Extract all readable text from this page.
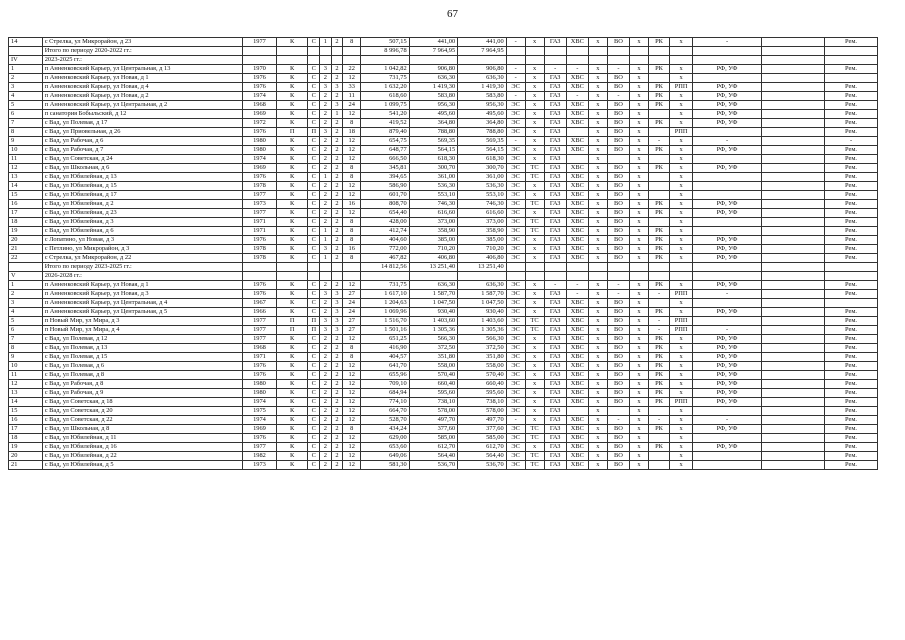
67
14	с Стрелка, ул Микрорайон, д 23	1977	К	С	1	2	8	507,15	441,00	441,00	-	х	ГАЗ	ХВС	х	ВО	х	РК	х	-		Рем.
	Итого по периоду 2020-2022 гг.:							8 996,78	7 964,95	7 964,95												
IV	2023-2025 гг.:																					
1	п Анненковский Карьер, ул Центральная, д 13	1970	К	С	3	2	22	1 042,82	906,80	906,80	-	х	-	-	х	-	х	РК	х	РФ, УФ		Рем.
2	п Анненковский Карьер, ул Новая, д 1	1976	К	С	2	2	12	731,75	636,30	636,30	-	х	ГАЗ	ХВС	х	ВО	х		х			
3	п Анненковский Карьер, ул Новая, д 4	1976	К	С	3	3	33	1 632,20	1 419,30	1 419,30	ЭС	х	ГАЗ	ХВС	х	ВО	х	РК	РПП	РФ, УФ		Рем.
4	п Анненковский Карьер, ул Новая, д 2	1974	К	С	2	2	11	618,60	583,80	583,80	-	х	ГАЗ	-	х	-	х	РК	х	РФ, УФ		Рем.
5	п Анненковский Карьер, ул Центральная, д 2	1968	К	С	2	3	24	1 099,75	956,30	956,30	ЭС	х	ГАЗ	ХВС	х	ВО	х	РК	х	РФ, УФ		Рем.
6	п санатория Бобыльский, д 12	1969	К	С	2	1	12	541,20	495,60	495,60	ЭС	х	ГАЗ	ХВС	х	ВО	х		х	РФ, УФ		Рем.
7	с Вад, ул Полевая, д 17	1972	К	С	2	2	8	419,52	364,80	364,80	ЭС	х	ГАЗ	ХВС	х	ВО	х	РК	х	РФ, УФ		Рем.
8	с Вад, ул Приовельная, д 26	1976	П	П	3	2	18	879,40	788,80	788,80	ЭС	х	ГАЗ		х	ВО	х		РПП			Рем.
9	с Вад, ул Рабочая, д 6	1980	К	С	2	2	12	654,75	569,35	569,35	-	х	ГАЗ	ХВС	х	ВО	х	-	х	-		-
10	с Вад, ул Рабочая, д 7	1980	К	С	2	2	12	648,77	564,15	564,15	ЭС	х	ГАЗ	ХВС	х	ВО	х	РК	х	РФ, УФ		Рем.
11	с Вад, ул Советская, д 24	1974	К	С	2	2	12	666,50	618,30	618,30	ЭС	х	ГАЗ		х		х		х			Рем.
12	с Вад, ул Школьная, д 6	1969	К	С	2	2	8	345,81	300,70	300,70	ЭС	ТС	ГАЗ	ХВС	х	ВО	х	РК	х	РФ, УФ		Рем.
13	с Вад, ул Юбилейная, д 13	1976	К	С	1	2	8	394,65	361,00	361,00	ЭС	ТС	ГАЗ	ХВС	х	ВО	х		х			Рем.
14	с Вад, ул Юбилейная, д 15	1978	К	С	2	2	12	586,90	536,30	536,30	ЭС	х	ГАЗ	ХВС	х	ВО	х		х			Рем.
15	с Вад, ул Юбилейная, д 17	1977	К	С	2	2	12	601,70	553,10	553,10	ЭС	х	ГАЗ	ХВС	х	ВО	х		х			Рем.
16	с Вад, ул Юбилейная, д 2	1973	К	С	2	2	16	808,70	746,30	746,30	ЭС	ТС	ГАЗ	ХВС	х	ВО	х	РК	х	РФ, УФ		Рем.
17	с Вад, ул Юбилейная, д 23	1977	К	С	2	2	12	654,40	616,60	616,60	ЭС	х	ГАЗ	ХВС	х	ВО	х	РК	х	РФ, УФ		Рем.
18	с Вад, ул Юбилейная, д 3	1971	К	С	2	2	8	428,00	373,00	373,00	ЭС	ТС	ГАЗ	ХВС	х	ВО	х		х			Рем.
19	с Вад, ул Юбилейная, д 6	1971	К	С	1	2	8	412,74	358,90	358,90	ЭС	ТС	ГАЗ	ХВС	х	ВО	х	РК	х			Рем.
20	с Лопатино, ул Новая, д 3	1976	К	С	1	2	8	404,60	385,00	385,00	ЭС	х	ГАЗ	ХВС	х	ВО	х	РК	х	РФ, УФ		Рем.
21	с Петлино, ул Микрорайон, д 3	1978	К	С	3	2	16	772,00	710,20	710,20	ЭС	х	ГАЗ	ХВС	х	ВО	х	РК	х	РФ, УФ		Рем.
22	с Стрелка, ул Микрорайон, д 22	1978	К	С	1	2	8	467,82	406,80	406,80	ЭС	х	ГАЗ	ХВС	х	ВО	х	РК	х	РФ, УФ		Рем.
	Итого по периоду 2023-2025 гг.:							14 812,56	13 251,40	13 251,40												
V	2026-2028 гг.:																					
1	п Анненковский Карьер, ул Новая, д 1	1976	К	С	2	2	12	731,75	636,30	636,30	ЭС	х	-	-	х	-	х	РК	х	РФ, УФ		Рем.
2	п Анненковский Карьер, ул Новая, д 3	1976	К	С	3	3	27	1 617,10	1 587,70	1 587,70	ЭС	х	ГАЗ	-	х	-	х	-	РПП	-		Рем.
3	п Анненковский Карьер, ул Центральная, д 4	1967	К	С	2	3	24	1 204,63	1 047,50	1 047,50	ЭС	х	ГАЗ	ХВС	х	ВО	х		х			
4	п Анненковский Карьер, ул Центральная, д 5	1966	К	С	2	3	24	1 069,96	930,40	930,40	ЭС	х	ГАЗ	ХВС	х	ВО	х	РК	х	РФ, УФ		Рем.
5	п Новый Мир, ул Мира, д 3	1977	П	П	3	3	27	1 516,70	1 403,60	1 403,60	ЭС	ТС	ГАЗ	ХВС	х	ВО	х	-	РПП			Рем.
6	п Новый Мир, ул Мира, д 4	1977	П	П	3	3	27	1 501,16	1 305,36	1 305,36	ЭС	ТС	ГАЗ	ХВС	х	ВО	х	-	РПП	-		Рем.
7	с Вад, ул Полевая, д 12	1977	К	С	2	2	12	651,25	566,30	566,30	ЭС	х	ГАЗ	ХВС	х	ВО	х	РК	х	РФ, УФ		Рем.
8	с Вад, ул Полевая, д 13	1968	К	С	2	2	8	416,90	372,50	372,50	ЭС	х	ГАЗ	ХВС	х	ВО	х	РК	х	РФ, УФ		Рем.
9	с Вад, ул Полевая, д 15	1971	К	С	2	2	8	404,57	351,80	351,80	ЭС	х	ГАЗ	ХВС	х	ВО	х	РК	х	РФ, УФ		Рем.
10	с Вад, ул Полевая, д 6	1976	К	С	2	2	12	641,70	558,00	558,00	ЭС	х	ГАЗ	ХВС	х	ВО	х	РК	х	РФ, УФ		Рем.
11	с Вад, ул Полевая, д 8	1976	К	С	2	2	12	655,96	570,40	570,40	ЭС	х	ГАЗ	ХВС	х	ВО	х	РК	х	РФ, УФ		Рем.
12	с Вад, ул Рабочая, д 8	1980	К	С	2	2	12	709,10	660,40	660,40	ЭС	х	ГАЗ	ХВС	х	ВО	х	РК	х	РФ, УФ		Рем.
13	с Вад, ул Рабочая, д 9	1980	К	С	2	2	12	684,94	595,60	595,60	ЭС	х	ГАЗ	ХВС	х	ВО	х	РК	х	РФ, УФ		Рем.
14	с Вад, ул Советская, д 18	1974	К	С	2	2	12	774,10	738,10	738,10	ЭС	х	ГАЗ	ХВС	х	ВО	х	РК	РПП	РФ, УФ		Рем.
15	с Вад, ул Советская, д 20	1975	К	С	2	2	12	664,70	578,00	578,00	ЭС	х	ГАЗ		х		х		х			Рем.
16	с Вад, ул Советская, д 22	1974	К	С	2	2	12	528,70	497,70	497,70	-	х	ГАЗ	ХВС	х	-	х	-	х	-		Рем.
17	с Вад, ул Школьная, д 8	1969	К	С	2	2	8	434,24	377,60	377,60	ЭС	ТС	ГАЗ	ХВС	х	ВО	х	РК	х	РФ, УФ		Рем.
18	с Вад, ул Юбилейная, д 11	1976	К	С	2	2	12	629,00	585,00	585,00	ЭС	ТС	ГАЗ	ХВС	х	ВО	х		х			Рем.
19	с Вад, ул Юбилейная, д 16	1977	К	С	2	2	12	653,60	612,70	612,70	ЭС	х	ГАЗ	ХВС	х	ВО	х	РК	х	РФ, УФ		Рем.
20	с Вад, ул Юбилейная, д 22	1982	К	С	2	2	12	649,06	564,40	564,40	ЭС	ТС	ГАЗ	ХВС	х	ВО	х		х			Рем.
21	с Вад, ул Юбилейная, д 5	1973	К	С	2	2	12	581,30	536,70	536,70	ЭС	ТС	ГАЗ	ХВС	х	ВО	х		х			Рем.
